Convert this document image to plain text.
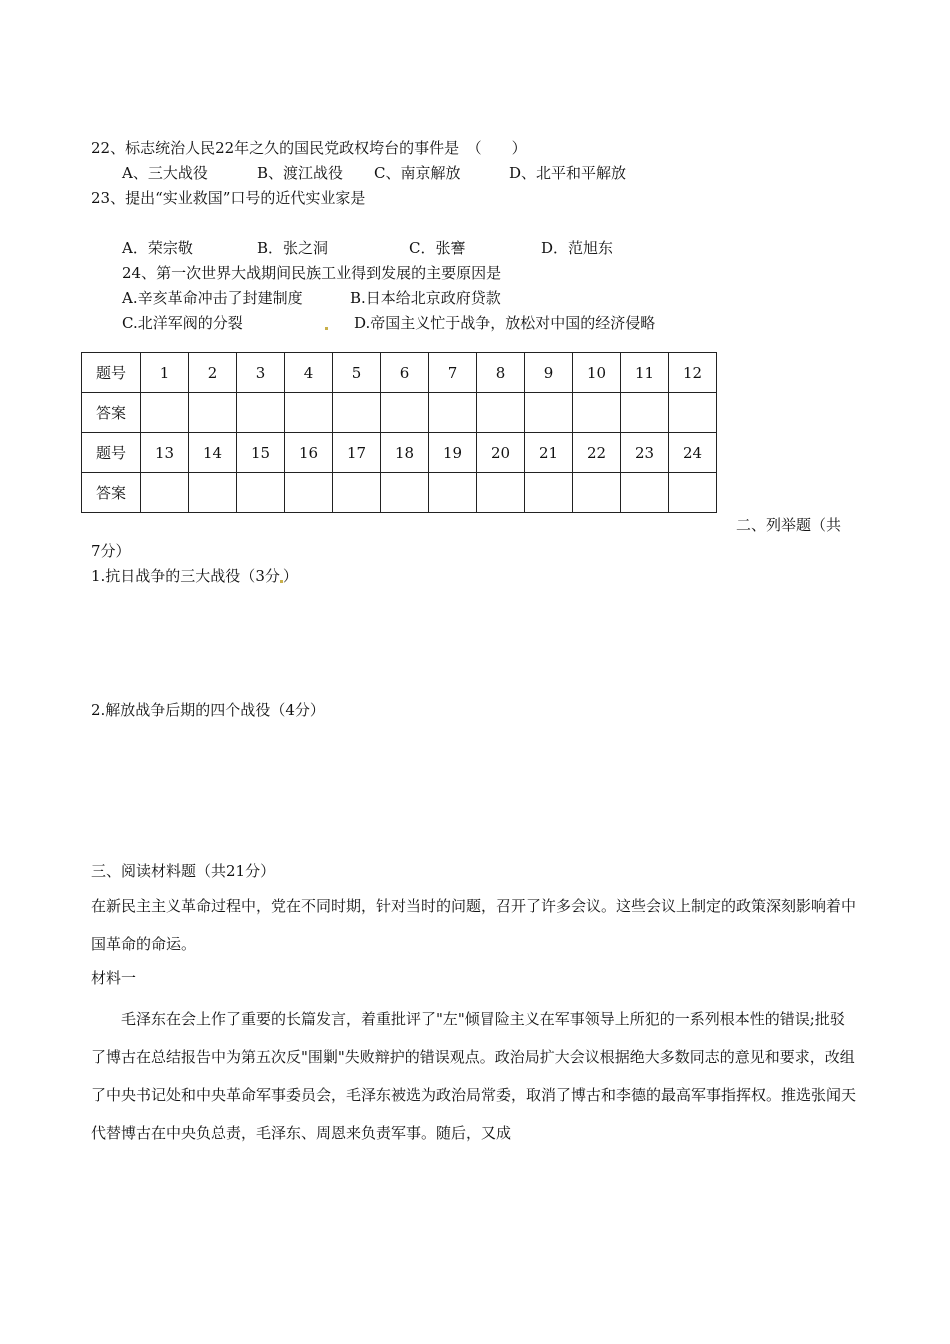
22、标志统治人民22年之久的国民党政权垮台的事件是　（　　）
A、三大战役	B、渡江战役 C、南京解放	D、北平和平解放
23、提出“实业救国”口号的近代实业家是
A．荣宗敬	B．张之洞	C．张謇	D．范旭东
24、第一次世界大战期间民族工业得到发展的主要原因是
A.辛亥革命冲击了封建制度	B.日本给北京政府贷款
C.北洋军阀的分裂	D.帝国主义忙于战争，放松对中国的经济侵略
题号	1	2	3	4	5	6	7	8	9	10	11	12
答案												
题号	13	14	15	16	17	18	19	20	21	22	23	24
答案												
二、列举题（共
7分）
1.抗日战争的三大战役（3分 ）
2.解放战争后期的四个战役（4分）
三、阅读材料题（共21分）
在新民主主义革命过程中，党在不同时期，针对当时的问题，召开了许多会议。这些会议上制定的政策深刻影响着中国革命的命运。
材料一
毛泽东在会上作了重要的长篇发言，着重批评了"左"倾冒险主义在军事领导上所犯的一系列根本性的错误;批驳了博古在总结报告中为第五次反"围剿"失败辩护的错误观点。政治局扩大会议根据绝大多数同志的意见和要求，改组了中央书记处和中央革命军事委员会，毛泽东被选为政治局常委，取消了博古和李德的最高军事指挥权。推选张闻天代替博古在中央负总责，毛泽东、周恩来负责军事。随后，又成
